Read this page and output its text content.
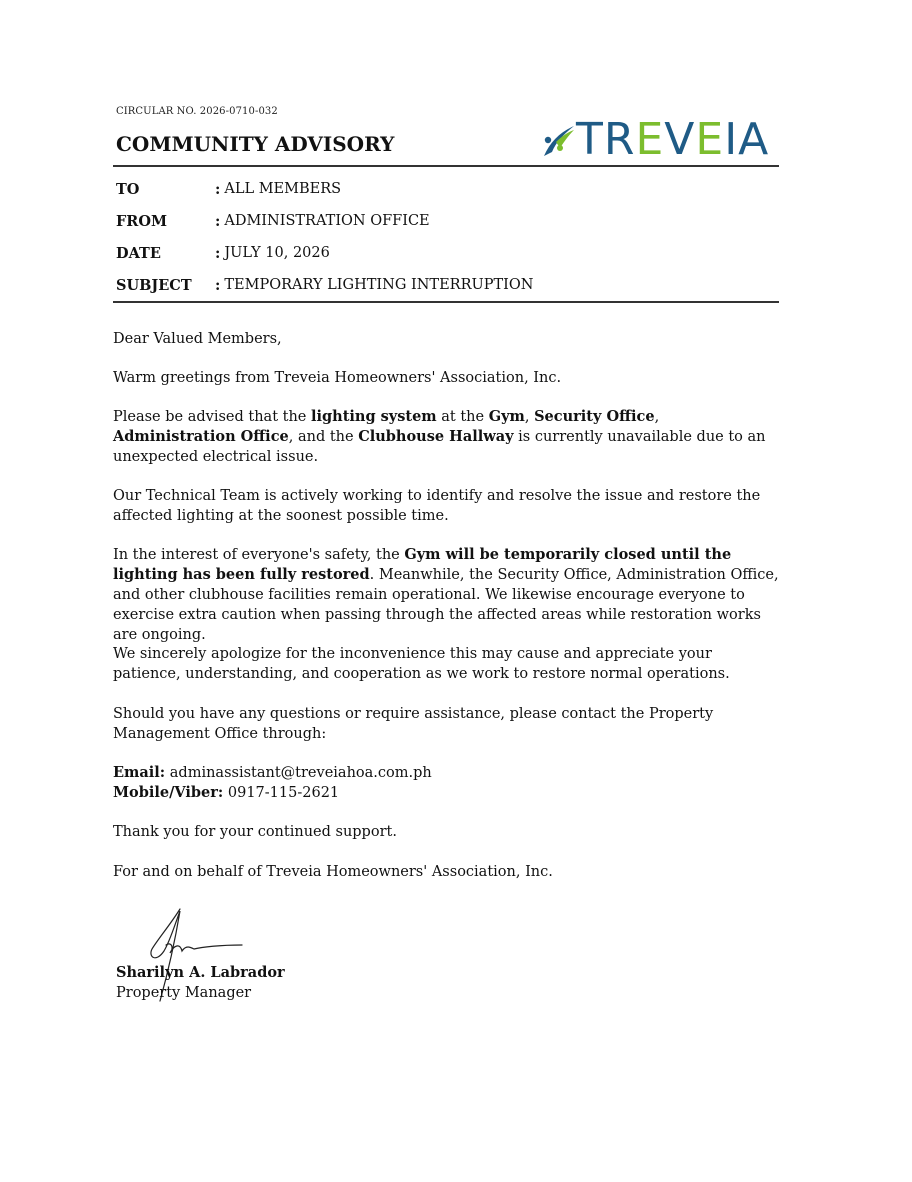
CIRCULAR NO. 2026-0710-032
COMMUNITY ADVISORY	TREVEIA
TO	: ALL MEMBERS
FROM	: ADMINISTRATION OFFICE
DATE	: JULY 10, 2026
SUBJECT	: TEMPORARY LIGHTING INTERRUPTION

Dear Valued Members,

Warm greetings from Treveia Homeowners' Association, Inc.

Please be advised that the lighting system at the Gym, Security Office, Administration Office, and the Clubhouse Hallway is currently unavailable due to an unexpected electrical issue.

Our Technical Team is actively working to identify and resolve the issue and restore the affected lighting at the soonest possible time.

In the interest of everyone's safety, the Gym will be temporarily closed until the lighting has been fully restored. Meanwhile, the Security Office, Administration Office, and other clubhouse facilities remain operational. We likewise encourage everyone to exercise extra caution when passing through the affected areas while restoration works are ongoing.

We sincerely apologize for the inconvenience this may cause and appreciate your patience, understanding, and cooperation as we work to restore normal operations.

Should you have any questions or require assistance, please contact the Property Management Office through:

Email: adminassistant@treveiahoa.com.ph

Mobile/Viber: 0917-115-2621

Thank you for your continued support.

For and on behalf of Treveia Homeowners' Association, Inc.

Sharilyn A. Labrador
Property Manager
